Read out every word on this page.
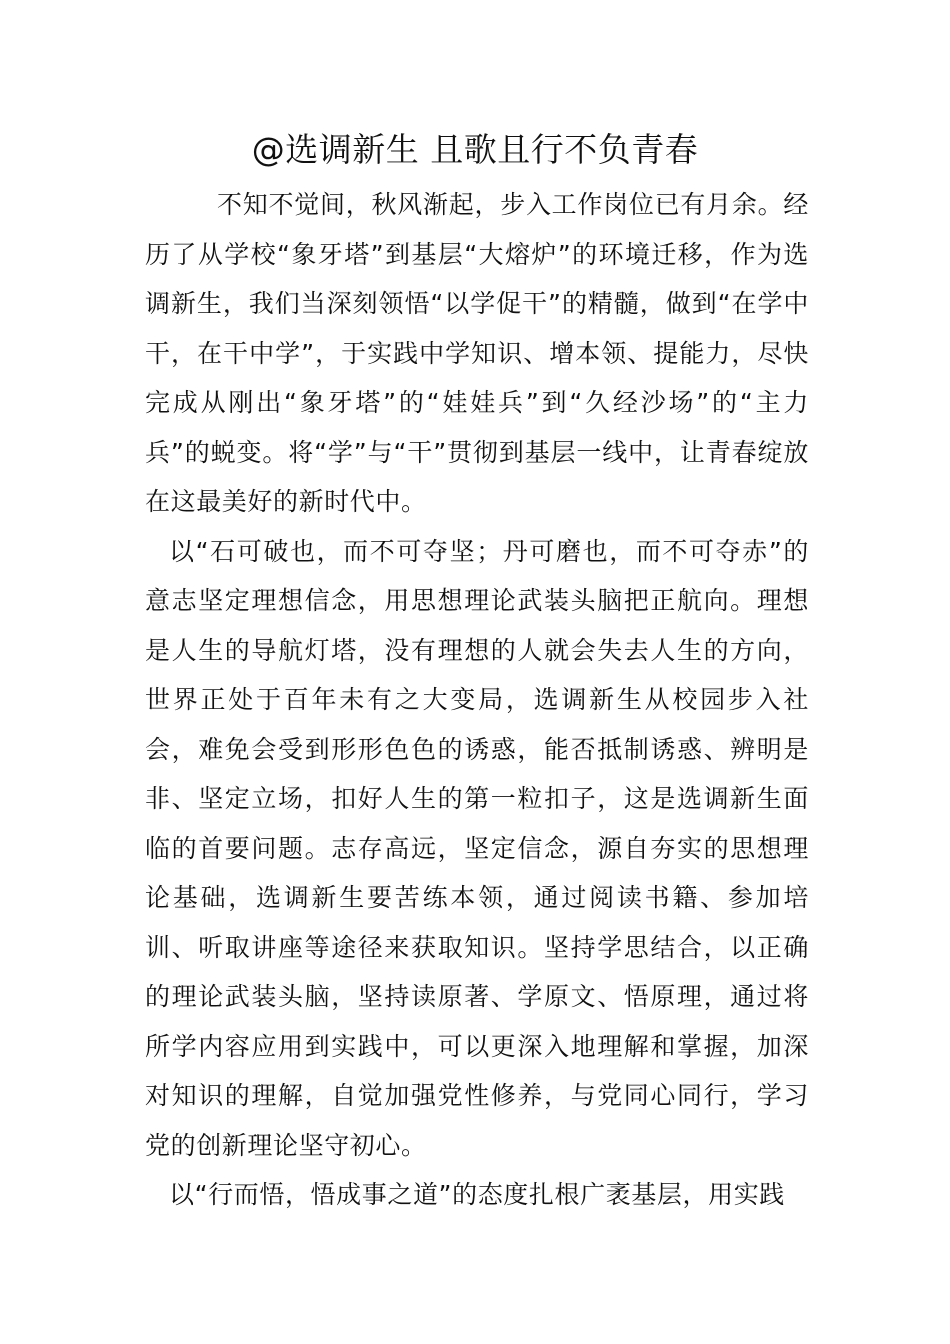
@选调新生 且歌且行不负青春

不知不觉间，秋风渐起，步入工作岗位已有月余。经历了从学校“象牙塔”到基层“大熔炉”的环境迁移，作为选调新生，我们当深刻领悟“以学促干”的精髓，做到“在学中干，在干中学”，于实践中学知识、增本领、提能力，尽快完成从刚出“象牙塔”的“娃娃兵”到“久经沙场”的“主力兵”的蜕变。将“学”与“干”贯彻到基层一线中，让青春绽放在这最美好的新时代中。

以“石可破也，而不可夺坚；丹可磨也，而不可夺赤”的意志坚定理想信念，用思想理论武装头脑把正航向。理想是人生的导航灯塔，没有理想的人就会失去人生的方向，世界正处于百年未有之大变局，选调新生从校园步入社会，难免会受到形形色色的诱惑，能否抵制诱惑、辨明是非、坚定立场，扣好人生的第一粒扣子，这是选调新生面临的首要问题。志存高远，坚定信念，源自夯实的思想理论基础，选调新生要苦练本领，通过阅读书籍、参加培训、听取讲座等途径来获取知识。坚持学思结合，以正确的理论武装头脑，坚持读原著、学原文、悟原理，通过将所学内容应用到实践中，可以更深入地理解和掌握，加深对知识的理解，自觉加强党性修养，与党同心同行，学习党的创新理论坚守初心。

以“行而悟，悟成事之道”的态度扎根广袤基层，用实践
